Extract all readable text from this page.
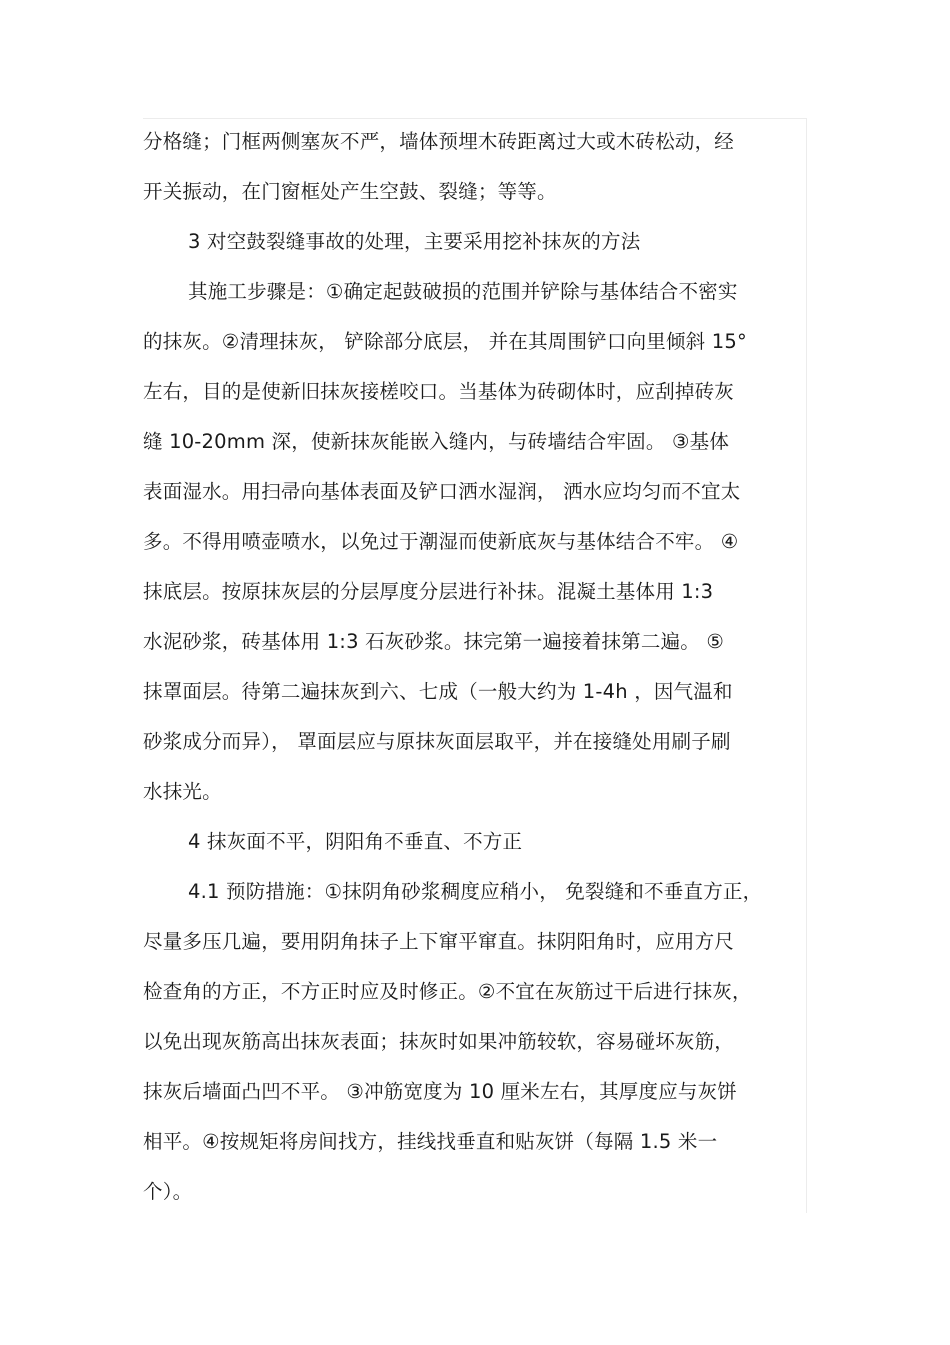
分格缝；门框两侧塞灰不严，墙体预埋木砖距离过大或木砖松动，经
开关振动，在门窗框处产生空鼓、裂缝；等等。
3 对空鼓裂缝事故的处理，主要采用挖补抹灰的方法
其施工步骤是：①确定起鼓破损的范围并铲除与基体结合不密实
的抹灰。②清理抹灰， 铲除部分底层， 并在其周围铲口向里倾斜 15°
左右，目的是使新旧抹灰接槎咬口。当基体为砖砌体时，应刮掉砖灰
缝 10-20mm 深，使新抹灰能嵌入缝内，与砖墙结合牢固。 ③基体
表面湿水。用扫帚向基体表面及铲口洒水湿润， 洒水应均匀而不宜太
多。不得用喷壶喷水，以免过于潮湿而使新底灰与基体结合不牢。 ④
抹底层。按原抹灰层的分层厚度分层进行补抹。混凝土基体用 1:3
水泥砂浆，砖基体用 1:3 石灰砂浆。抹完第一遍接着抹第二遍。 ⑤
抹罩面层。待第二遍抹灰到六、七成（一般大约为 1-4h ，因气温和
砂浆成分而异）， 罩面层应与原抹灰面层取平，并在接缝处用刷子刷
水抹光。
4 抹灰面不平，阴阳角不垂直、不方正
4.1 预防措施：①抹阴角砂浆稠度应稍小， 免裂缝和不垂直方正，
尽量多压几遍，要用阴角抹子上下窜平窜直。抹阴阳角时，应用方尺
检查角的方正，不方正时应及时修正。②不宜在灰筋过干后进行抹灰，
以免出现灰筋高出抹灰表面；抹灰时如果冲筋较软，容易碰坏灰筋，
抹灰后墙面凸凹不平。 ③冲筋宽度为 10 厘米左右，其厚度应与灰饼
相平。④按规矩将房间找方，挂线找垂直和贴灰饼（每隔 1.5 米一
个）。
